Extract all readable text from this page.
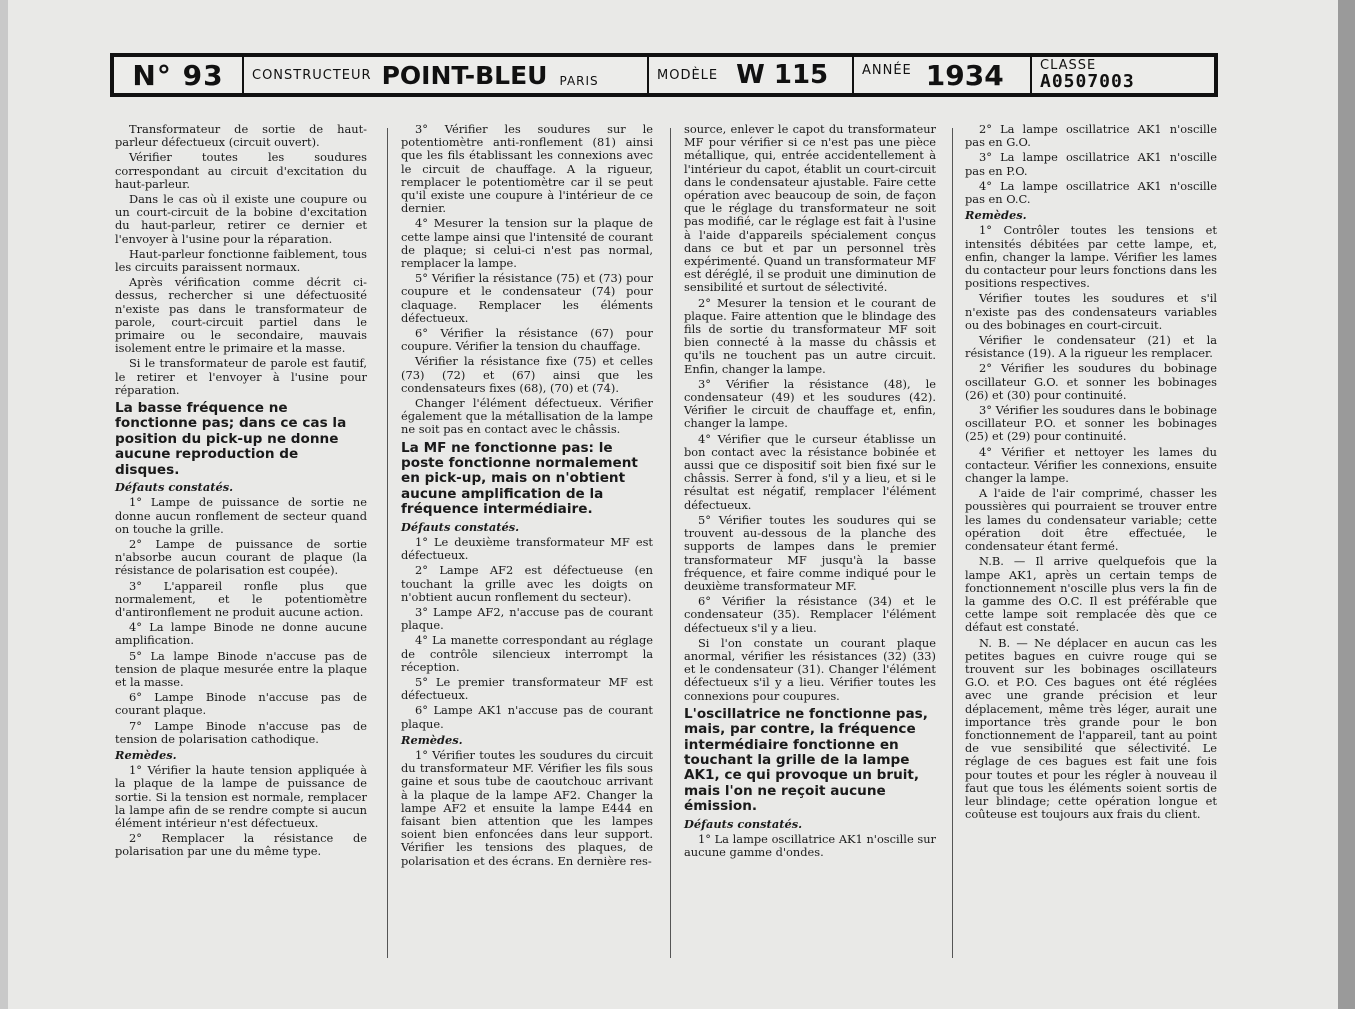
N° 93	CONSTRUCTEUR POINT-BLEU PARIS	MODÈLE W 115	ANNÉE 1934	CLASSE
A0507003

Transformateur de sortie de haut-parleur défectueux (circuit ouvert).

Vérifier toutes les soudures correspondant au circuit d'excitation du haut-parleur.

Dans le cas où il existe une coupure ou un court-circuit de la bobine d'excitation du haut-parleur, retirer ce dernier et l'envoyer à l'usine pour la réparation.

Haut-parleur fonctionne faiblement, tous les circuits paraissent normaux.

Après vérification comme décrit ci-dessus, rechercher si une défectuosité n'existe pas dans le transformateur de parole, court-circuit partiel dans le primaire ou le secondaire, mauvais isolement entre le primaire et la masse.

Si le transformateur de parole est fautif, le retirer et l'envoyer à l'usine pour réparation.

La basse fréquence ne fonctionne pas; dans ce cas la position du pick-up ne donne aucune reproduction de disques.

Défauts constatés.

1° Lampe de puissance de sortie ne donne aucun ronflement de secteur quand on touche la grille.

2° Lampe de puissance de sortie n'absorbe aucun courant de plaque (la résistance de polarisation est coupée).

3° L'appareil ronfle plus que normalement, et le potentiomètre d'antironflement ne produit aucune action.

4° La lampe Binode ne donne aucune amplification.

5° La lampe Binode n'accuse pas de tension de plaque mesurée entre la plaque et la masse.

6° Lampe Binode n'accuse pas de courant plaque.

7° Lampe Binode n'accuse pas de tension de polarisation cathodique.

Remèdes.

1° Vérifier la haute tension appliquée à la plaque de la lampe de puissance de sortie. Si la tension est normale, remplacer la lampe afin de se rendre compte si aucun élément intérieur n'est défectueux.

2° Remplacer la résistance de polarisation par une du même type.

3° Vérifier les soudures sur le potentiomètre anti-ronflement (81) ainsi que les fils établissant les connexions avec le circuit de chauffage. A la rigueur, remplacer le potentiomètre car il se peut qu'il existe une coupure à l'intérieur de ce dernier.

4° Mesurer la tension sur la plaque de cette lampe ainsi que l'intensité de courant de plaque; si celui-ci n'est pas normal, remplacer la lampe.

5° Vérifier la résistance (75) et (73) pour coupure et le condensateur (74) pour claquage. Remplacer les éléments défectueux.

6° Vérifier la résistance (67) pour coupure. Vérifier la tension du chauffage.

Vérifier la résistance fixe (75) et celles (73) (72) et (67) ainsi que les condensateurs fixes (68), (70) et (74).

Changer l'élément défectueux. Vérifier également que la métallisation de la lampe ne soit pas en contact avec le châssis.

La MF ne fonctionne pas: le poste fonctionne normalement en pick-up, mais on n'obtient aucune amplification de la fréquence intermédiaire.

Défauts constatés.

1° Le deuxième transformateur MF est défectueux.

2° Lampe AF2 est défectueuse (en touchant la grille avec les doigts on n'obtient aucun ronflement du secteur).

3° Lampe AF2, n'accuse pas de courant plaque.

4° La manette correspondant au réglage de contrôle silencieux interrompt la réception.

5° Le premier transformateur MF est défectueux.

6° Lampe AK1 n'accuse pas de courant plaque.

Remèdes.

1° Vérifier toutes les soudures du circuit du transformateur MF. Vérifier les fils sous gaine et sous tube de caoutchouc arrivant à la plaque de la lampe AF2. Changer la lampe AF2 et ensuite la lampe E444 en faisant bien attention que les lampes soient bien enfoncées dans leur support. Vérifier les tensions des plaques, de polarisation et des écrans. En dernière res-

source, enlever le capot du transformateur MF pour vérifier si ce n'est pas une pièce métallique, qui, entrée accidentellement à l'intérieur du capot, établit un court-circuit dans le condensateur ajustable. Faire cette opération avec beaucoup de soin, de façon que le réglage du transformateur ne soit pas modifié, car le réglage est fait à l'usine à l'aide d'appareils spécialement conçus dans ce but et par un personnel très expérimenté. Quand un transformateur MF est déréglé, il se produit une diminution de sensibilité et surtout de sélectivité.

2° Mesurer la tension et le courant de plaque. Faire attention que le blindage des fils de sortie du transformateur MF soit bien connecté à la masse du châssis et qu'ils ne touchent pas un autre circuit. Enfin, changer la lampe.

3° Vérifier la résistance (48), le condensateur (49) et les soudures (42). Vérifier le circuit de chauffage et, enfin, changer la lampe.

4° Vérifier que le curseur établisse un bon contact avec la résistance bobinée et aussi que ce dispositif soit bien fixé sur le châssis. Serrer à fond, s'il y a lieu, et si le résultat est négatif, remplacer l'élément défectueux.

5° Vérifier toutes les soudures qui se trouvent au-dessous de la planche des supports de lampes dans le premier transformateur MF jusqu'à la basse fréquence, et faire comme indiqué pour le deuxième transformateur MF.

6° Vérifier la résistance (34) et le condensateur (35). Remplacer l'élément défectueux s'il y a lieu.

Si l'on constate un courant plaque anormal, vérifier les résistances (32) (33) et le condensateur (31). Changer l'élément défectueux s'il y a lieu. Vérifier toutes les connexions pour coupures.

L'oscillatrice ne fonctionne pas, mais, par contre, la fréquence intermédiaire fonctionne en touchant la grille de la lampe AK1, ce qui provoque un bruit, mais l'on ne reçoit aucune émission.

Défauts constatés.

1° La lampe oscillatrice AK1 n'oscille sur aucune gamme d'ondes.

2° La lampe oscillatrice AK1 n'oscille pas en G.O.

3° La lampe oscillatrice AK1 n'oscille pas en P.O.

4° La lampe oscillatrice AK1 n'oscille pas en O.C.

Remèdes.

1° Contrôler toutes les tensions et intensités débitées par cette lampe, et, enfin, changer la lampe. Vérifier les lames du contacteur pour leurs fonctions dans les positions respectives.

Vérifier toutes les soudures et s'il n'existe pas des condensateurs variables ou des bobinages en court-circuit.

Vérifier le condensateur (21) et la résistance (19). A la rigueur les remplacer.

2° Vérifier les soudures du bobinage oscillateur G.O. et sonner les bobinages (26) et (30) pour continuité.

3° Vérifier les soudures dans le bobinage oscillateur P.O. et sonner les bobinages (25) et (29) pour continuité.

4° Vérifier et nettoyer les lames du contacteur. Vérifier les connexions, ensuite changer la lampe.

A l'aide de l'air comprimé, chasser les poussières qui pourraient se trouver entre les lames du condensateur variable; cette opération doit être effectuée, le condensateur étant fermé.

N.B. — Il arrive quelquefois que la lampe AK1, après un certain temps de fonctionnement n'oscille plus vers la fin de la gamme des O.C. Il est préférable que cette lampe soit remplacée dès que ce défaut est constaté.

N. B. — Ne déplacer en aucun cas les petites bagues en cuivre rouge qui se trouvent sur les bobinages oscillateurs G.O. et P.O. Ces bagues ont été réglées avec une grande précision et leur déplacement, même très léger, aurait une importance très grande pour le bon fonctionnement de l'appareil, tant au point de vue sensibilité que sélectivité. Le réglage de ces bagues est fait une fois pour toutes et pour les régler à nouveau il faut que tous les éléments soient sortis de leur blindage; cette opération longue et coûteuse est toujours aux frais du client.
